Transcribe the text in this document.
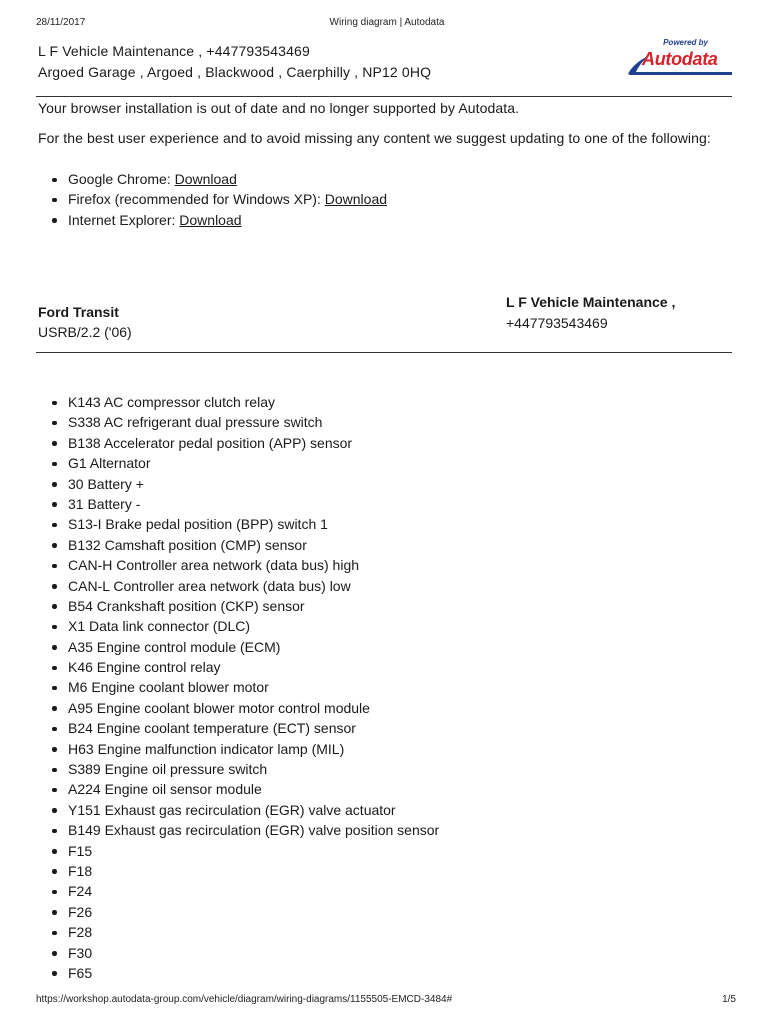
28/11/2017	Wiring diagram | Autodata
L F Vehicle Maintenance , +447793543469
Argoed Garage , Argoed , Blackwood , Caerphilly , NP12 0HQ
Powered by
Autodata
Your browser installation is out of date and no longer supported by Autodata.
For the best user experience and to avoid missing any content we suggest updating to one of the following:
Google Chrome: Download
Firefox (recommended for Windows XP): Download
Internet Explorer: Download
Ford Transit
USRB/2.2 ('06)
L F Vehicle Maintenance ,
+447793543469
K143 AC compressor clutch relay
S338 AC refrigerant dual pressure switch
B138 Accelerator pedal position (APP) sensor
G1 Alternator
30 Battery +
31 Battery -
S13-I Brake pedal position (BPP) switch 1
B132 Camshaft position (CMP) sensor
CAN-H Controller area network (data bus) high
CAN-L Controller area network (data bus) low
B54 Crankshaft position (CKP) sensor
X1 Data link connector (DLC)
A35 Engine control module (ECM)
K46 Engine control relay
M6 Engine coolant blower motor
A95 Engine coolant blower motor control module
B24 Engine coolant temperature (ECT) sensor
H63 Engine malfunction indicator lamp (MIL)
S389 Engine oil pressure switch
A224 Engine oil sensor module
Y151 Exhaust gas recirculation (EGR) valve actuator
B149 Exhaust gas recirculation (EGR) valve position sensor
F15
F18
F24
F26
F28
F30
F65
https://workshop.autodata-group.com/vehicle/diagram/wiring-diagrams/1155505-EMCD-3484#	1/5
